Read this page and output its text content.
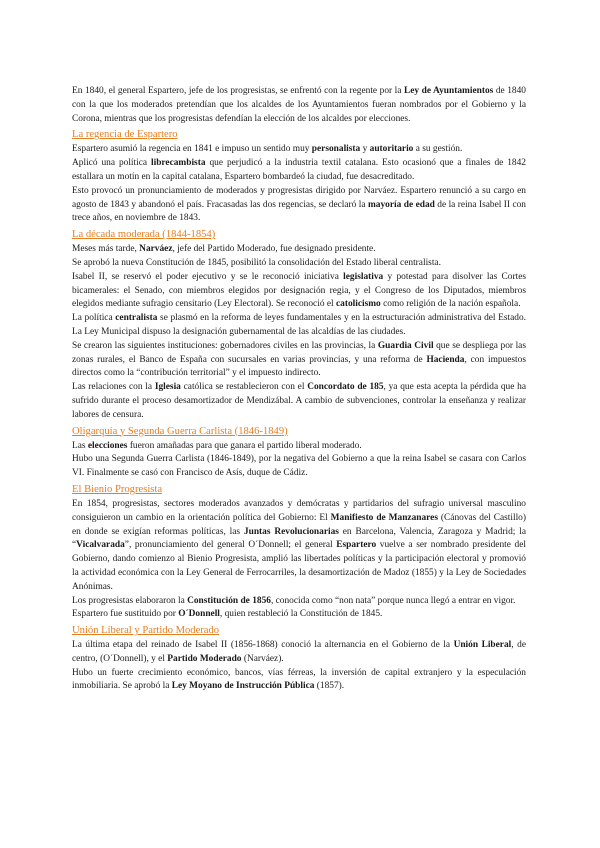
En 1840, el general Espartero, jefe de los progresistas, se enfrentó con la regente por la Ley de Ayuntamientos de 1840 con la que los moderados pretendían que los alcaldes de los Ayuntamientos fueran nombrados por el Gobierno y la Corona, mientras que los progresistas defendían la elección de los alcaldes por elecciones.

La regencia de Espartero

Espartero asumió la regencia en 1841 e impuso un sentido muy personalista y autoritario a su gestión.

Aplicó una política librecambista que perjudicó a la industria textil catalana. Esto ocasionó que a finales de 1842 estallara un motín en la capital catalana, Espartero bombardeó la ciudad, fue desacreditado.

Esto provocó un pronunciamiento de moderados y progresistas dirigido por Narváez. Espartero renunció a su cargo en agosto de 1843 y abandonó el país. Fracasadas las dos regencias, se declaró la mayoría de edad de la reina Isabel II con trece años, en noviembre de 1843.

La década moderada (1844-1854)

Meses más tarde, Narváez, jefe del Partido Moderado, fue designado presidente.

Se aprobó la nueva Constitución de 1845, posibilitó la consolidación del Estado liberal centralista.

Isabel II, se reservó el poder ejecutivo y se le reconoció iniciativa legislativa y potestad para disolver las Cortes bicamerales: el Senado, con miembros elegidos por designación regia, y el Congreso de los Diputados, miembros elegidos mediante sufragio censitario (Ley Electoral). Se reconoció el catolicismo como religión de la nación española.

La política centralista se plasmó en la reforma de leyes fundamentales y en la estructuración administrativa del Estado. La Ley Municipal dispuso la designación gubernamental de las alcaldías de las ciudades.

Se crearon las siguientes instituciones: gobernadores civiles en las provincias, la Guardia Civil que se despliega por las zonas rurales, el Banco de España con sucursales en varias provincias, y una reforma de Hacienda, con impuestos directos como la “contribución territorial” y el impuesto indirecto.

Las relaciones con la Iglesia católica se restablecieron con el Concordato de 185, ya que esta acepta la pérdida que ha sufrido durante el proceso desamortizador de Mendizábal. A cambio de subvenciones, controlar la enseñanza y realizar labores de censura.

Oligarquía y Segunda Guerra Carlista (1846-1849)

Las elecciones fueron amañadas para que ganara el partido liberal moderado.

Hubo una Segunda Guerra Carlista (1846-1849), por la negativa del Gobierno a que la reina Isabel se casara con Carlos VI. Finalmente se casó con Francisco de Asís, duque de Cádiz.

El Bienio Progresista

En 1854, progresistas, sectores moderados avanzados y demócratas y partidarios del sufragio universal masculino consiguieron un cambio en la orientación política del Gobierno: El Manifiesto de Manzanares (Cánovas del Castillo) en donde se exigían reformas políticas, las Juntas Revolucionarias en Barcelona, Valencia, Zaragoza y Madrid; la “Vicalvarada”, pronunciamiento del general O´Donnell; el general Espartero vuelve a ser nombrado presidente del Gobierno, dando comienzo al Bienio Progresista, amplió las libertades políticas y la participación electoral y promovió la actividad económica con la Ley General de Ferrocarriles, la desamortización de Madoz (1855) y la Ley de Sociedades Anónimas.

Los progresistas elaboraron la Constitución de 1856, conocida como “non nata” porque nunca llegó a entrar en vigor.

Espartero fue sustituido por O´Donnell, quien restableció la Constitución de 1845.

Unión Liberal y Partido Moderado

La última etapa del reinado de Isabel II (1856-1868) conoció la alternancia en el Gobierno de la Unión Liberal, de centro, (O´Donnell), y el Partido Moderado (Narváez).

Hubo un fuerte crecimiento económico, bancos, vías férreas, la inversión de capital extranjero y la especulación inmobiliaria. Se aprobó la Ley Moyano de Instrucción Pública (1857).
